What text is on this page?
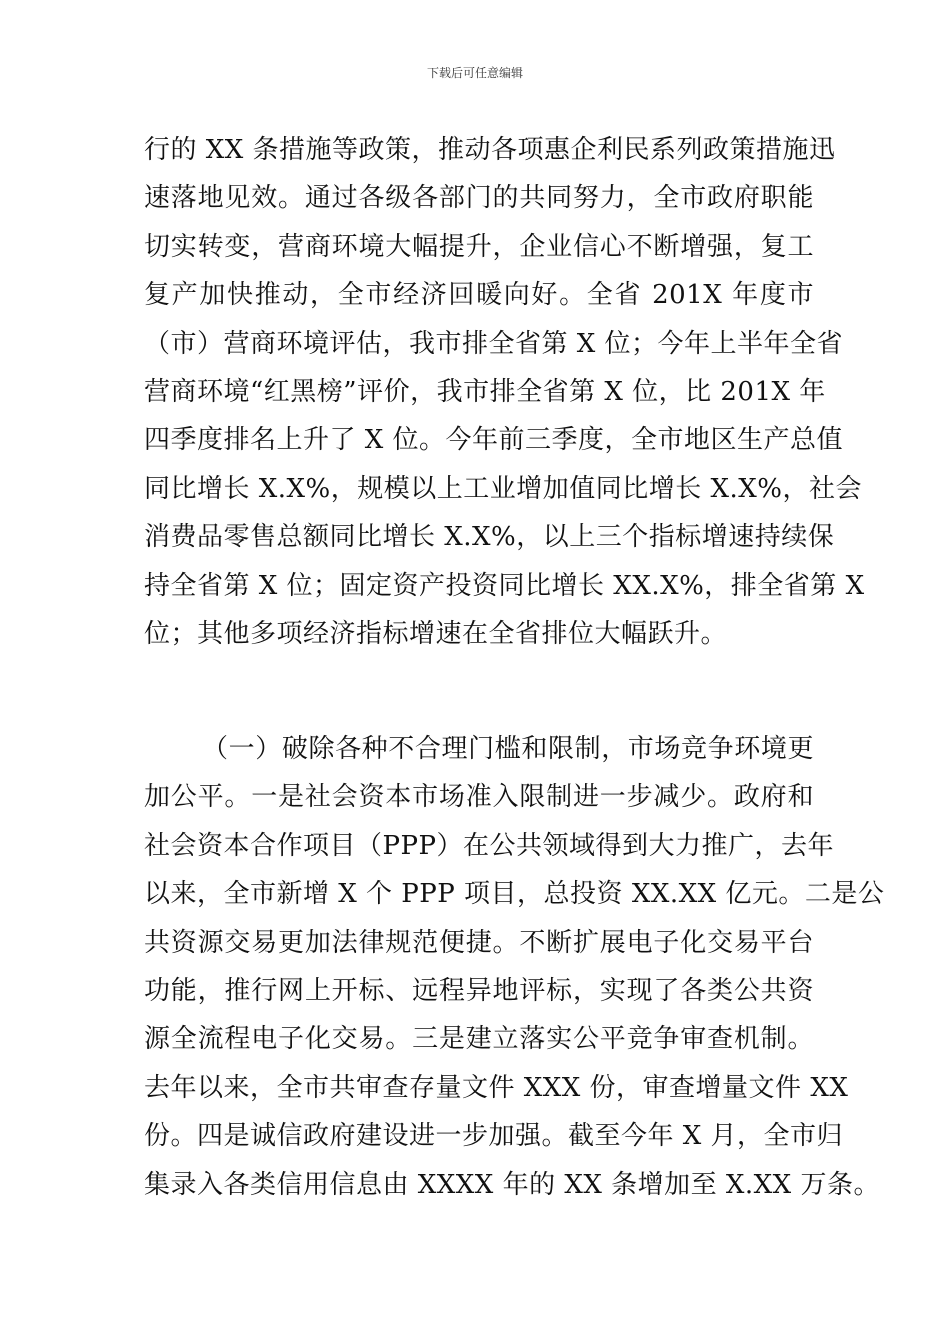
下载后可任意编辑
行的 XX 条措施等政策，推动各项惠企利民系列政策措施迅
速落地见效。通过各级各部门的共同努力，全市政府职能
切实转变，营商环境大幅提升，企业信心不断增强，复工
复产加快推动，全市经济回暖向好。全省 201X 年度市
（市）营商环境评估，我市排全省第 X 位；今年上半年全省
营商环境“红黑榜”评价，我市排全省第 X 位，比 201X 年
四季度排名上升了 X 位。今年前三季度，全市地区生产总值
同比增长 X.X%，规模以上工业增加值同比增长 X.X%，社会
消费品零售总额同比增长 X.X%，以上三个指标增速持续保
持全省第 X 位；固定资产投资同比增长 XX.X%，排全省第 X
位；其他多项经济指标增速在全省排位大幅跃升。
（一）破除各种不合理门槛和限制，市场竞争环境更
加公平。一是社会资本市场准入限制进一步减少。政府和
社会资本合作项目（PPP）在公共领域得到大力推广，去年
以来，全市新增 X 个 PPP 项目，总投资 XX.XX 亿元。二是公
共资源交易更加法律规范便捷。不断扩展电子化交易平台
功能，推行网上开标、远程异地评标，实现了各类公共资
源全流程电子化交易。三是建立落实公平竞争审查机制。
去年以来，全市共审查存量文件 XXX 份，审查增量文件 XX
份。四是诚信政府建设进一步加强。截至今年 X 月，全市归
集录入各类信用信息由 XXXX 年的 XX 条增加至 X.XX 万条。
